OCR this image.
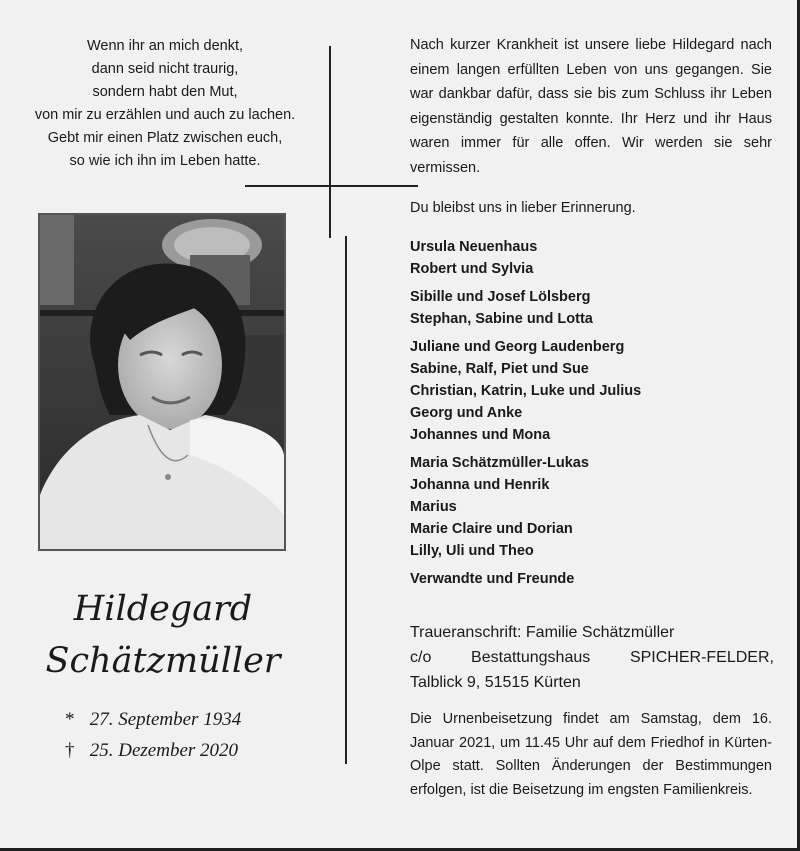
Wenn ihr an mich denkt,
dann seid nicht traurig,
sondern habt den Mut,
von mir zu erzählen und auch zu lachen.
Gebt mir einen Platz zwischen euch,
so wie ich ihn im Leben hatte.
Hildegard
Schätzmüller
* 27. September 1934
† 25. Dezember 2020
Nach kurzer Krankheit ist unsere liebe Hildegard nach einem langen erfüllten Leben von uns gegangen. Sie war dankbar dafür, dass sie bis zum Schluss ihr Leben eigenständig gestalten konnte. Ihr Herz und ihr Haus waren immer für alle offen. Wir werden sie sehr vermissen.
Du bleibst uns in lieber Erinnerung.
Ursula Neuenhaus
Robert und Sylvia
Sibille und Josef Lölsberg
Stephan, Sabine und Lotta
Juliane und Georg Laudenberg
Sabine, Ralf, Piet und Sue
Christian, Katrin, Luke und Julius
Georg und Anke
Johannes und Mona
Maria Schätzmüller-Lukas
Johanna und Henrik
Marius
Marie Claire und Dorian
Lilly, Uli und Theo
Verwandte und Freunde
Traueranschrift: Familie Schätzmüller
c/o Bestattungshaus SPICHER-FELDER,
Talblick 9, 51515 Kürten
Die Urnenbeisetzung findet am Samstag, dem 16. Januar 2021, um 11.45 Uhr auf dem Friedhof in Kürten-Olpe statt. Sollten Änderungen der Bestimmungen erfolgen, ist die Beisetzung im engsten Familienkreis.
